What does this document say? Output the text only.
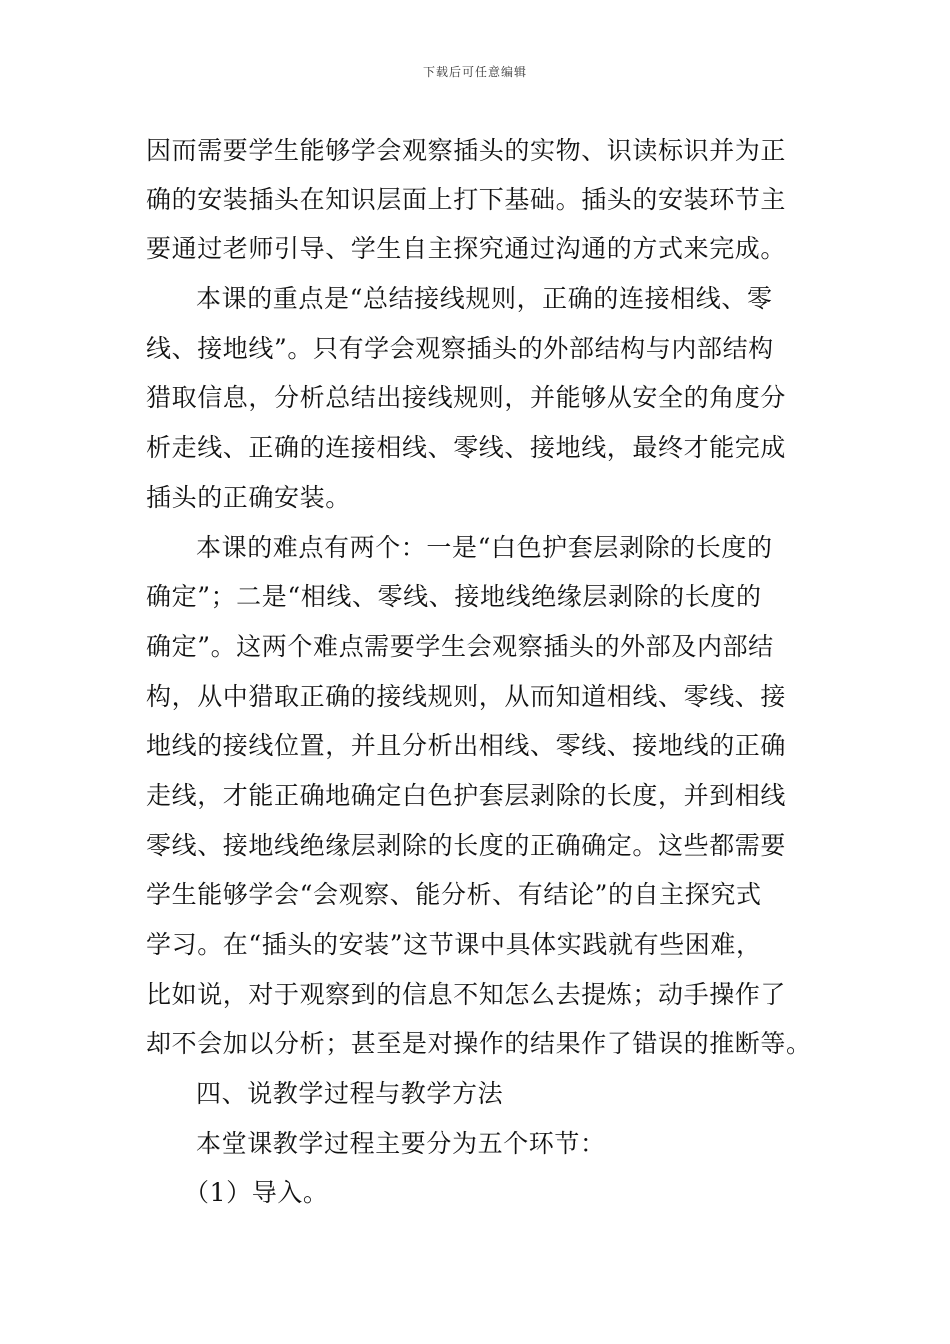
下载后可任意编辑
因而需要学生能够学会观察插头的实物、识读标识并为正
确的安装插头在知识层面上打下基础。插头的安装环节主
要通过老师引导、学生自主探究通过沟通的方式来完成。
本课的重点是“总结接线规则，正确的连接相线、零
线、接地线”。只有学会观察插头的外部结构与内部结构
猎取信息，分析总结出接线规则，并能够从安全的角度分
析走线、正确的连接相线、零线、接地线，最终才能完成
插头的正确安装。
本课的难点有两个：一是“白色护套层剥除的长度的
确定”；二是“相线、零线、接地线绝缘层剥除的长度的
确定”。这两个难点需要学生会观察插头的外部及内部结
构，从中猎取正确的接线规则，从而知道相线、零线、接
地线的接线位置，并且分析出相线、零线、接地线的正确
走线，才能正确地确定白色护套层剥除的长度，并到相线
零线、接地线绝缘层剥除的长度的正确确定。这些都需要
学生能够学会“会观察、能分析、有结论”的自主探究式
学习。在“插头的安装”这节课中具体实践就有些困难，
比如说，对于观察到的信息不知怎么去提炼；动手操作了
却不会加以分析；甚至是对操作的结果作了错误的推断等。
四、说教学过程与教学方法
本堂课教学过程主要分为五个环节：
（1）导入。
